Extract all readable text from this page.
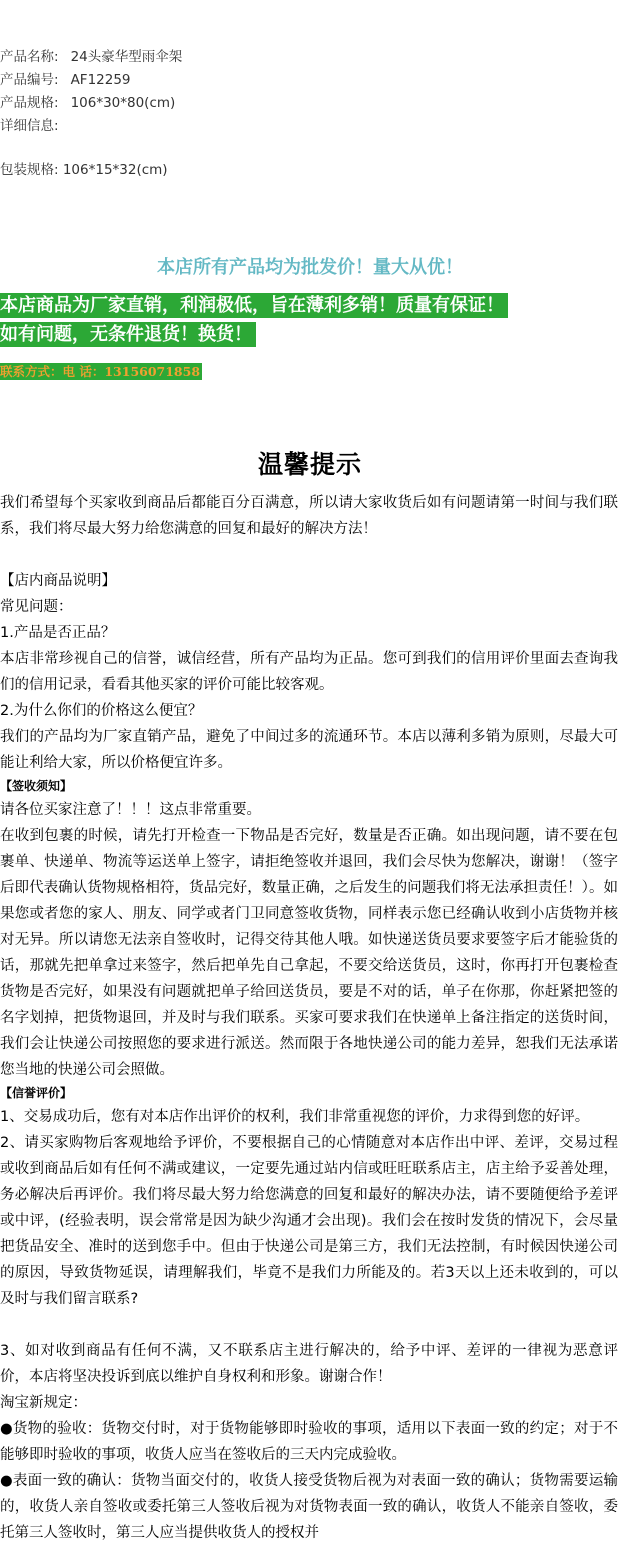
产品名称: 24头豪华型雨伞架
产品编号: AF12259
产品规格: 106*30*80(cm)
详细信息:
包装规格: 106*15*32(cm)
本店所有产品均为批发价！量大从优！
本店商品为厂家直销，利润极低，旨在薄利多销！质量有保证！
如有问题，无条件退货！换货！
联系方式：电 话：13156071858
温馨提示

我们希望每个买家收到商品后都能百分百满意，所以请大家收货后如有问题请第一时间与我们联系，我们将尽最大努力给您满意的回复和最好的解决方法！

【店内商品说明】

常见问题：

1.产品是否正品？

本店非常珍视自己的信誉，诚信经营，所有产品均为正品。您可到我们的信用评价里面去查询我们的信用记录，看看其他买家的评价可能比较客观。

2.为什么你们的价格这么便宜？

我们的产品均为厂家直销产品，避免了中间过多的流通环节。本店以薄利多销为原则，尽最大可能让利给大家，所以价格便宜许多。

【签收须知】

请各位买家注意了！！！这点非常重要。

在收到包裹的时候，请先打开检查一下物品是否完好，数量是否正确。如出现问题，请不要在包裹单、快递单、物流等运送单上签字，请拒绝签收并退回，我们会尽快为您解决，谢谢！（签字后即代表确认货物规格相符，货品完好，数量正确，之后发生的问题我们将无法承担责任！）。如果您或者您的家人、朋友、同学或者门卫同意签收货物，同样表示您已经确认收到小店货物并核对无异。所以请您无法亲自签收时，记得交待其他人哦。如快递送货员要求要签字后才能验货的话，那就先把单拿过来签字，然后把单先自己拿起，不要交给送货员，这时，你再打开包裹检查货物是否完好，如果没有问题就把单子给回送货员，要是不对的话，单子在你那，你赶紧把签的名字划掉，把货物退回，并及时与我们联系。买家可要求我们在快递单上备注指定的送货时间，我们会让快递公司按照您的要求进行派送。然而限于各地快递公司的能力差异，恕我们无法承诺您当地的快递公司会照做。

【信誉评价】

1、交易成功后，您有对本店作出评价的权利，我们非常重视您的评价，力求得到您的好评。

2、请买家购物后客观地给予评价，不要根据自己的心情随意对本店作出中评、差评，交易过程或收到商品后如有任何不满或建议，一定要先通过站内信或旺旺联系店主，店主给予妥善处理，务必解决后再评价。我们将尽最大努力给您满意的回复和最好的解决办法，请不要随便给予差评或中评，(经验表明，误会常常是因为缺少沟通才会出现)。我们会在按时发货的情况下，会尽量把货品安全、准时的送到您手中。但由于快递公司是第三方，我们无法控制，有时候因快递公司的原因，导致货物延误，请理解我们，毕竟不是我们力所能及的。若3天以上还未收到的，可以及时与我们留言联系?

3、如对收到商品有任何不满，又不联系店主进行解决的，给予中评、差评的一律视为恶意评价，本店将坚决投诉到底以维护自身权利和形象。谢谢合作！

淘宝新规定：

●货物的验收：货物交付时，对于货物能够即时验收的事项，适用以下表面一致的约定；对于不能够即时验收的事项，收货人应当在签收后的三天内完成验收。

●表面一致的确认：货物当面交付的，收货人接受货物后视为对表面一致的确认；货物需要运输的，收货人亲自签收或委托第三人签收后视为对货物表面一致的确认，收货人不能亲自签收，委托第三人签收时，第三人应当提供收货人的授权并
